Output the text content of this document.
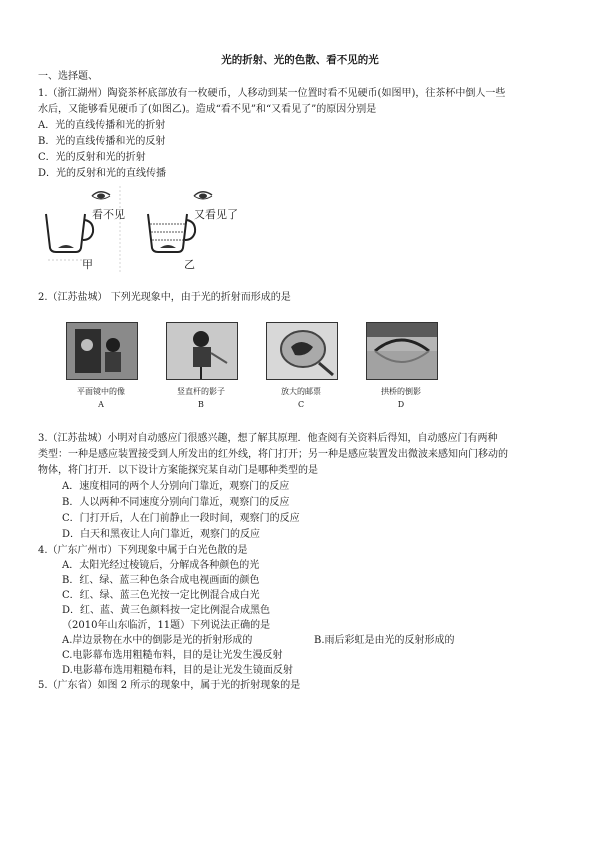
光的折射、光的色散、看不见的光
一、选择题、
1.（浙江湖州）陶瓷茶杯底部放有一枚硬币，人移动到某一位置时看不见硬币(如图甲)，往茶杯中倒人一些
水后，又能够看见硬币了(如图乙)。造成“看不见”和“又看见了”的原因分别是
A．光的直线传播和光的折射
B．光的直线传播和光的反射
C．光的反射和光的折射
D．光的反射和光的直线传播
看不见	又看见了
甲	乙
2.（江苏盐城） 下列光现象中，由于光的折射而形成的是
平面镜中的像	竖直杆的影子	放大的邮票	拱桥的倒影
A	B	C	D
3.（江苏盐城）小明对自动感应门很感兴趣，想了解其原理．他查阅有关资料后得知，自动感应门有两种
类型：一种是感应装置接受到人所发出的红外线，将门打开；另一种是感应装置发出微波来感知向门移动的
物体，将门打开．以下设计方案能探究某自动门是哪种类型的是
A．速度相同的两个人分别向门靠近，观察门的反应
B．人以两种不同速度分别向门靠近，观察门的反应
C．门打开后，人在门前静止一段时间，观察门的反应
D．白天和黑夜让人向门靠近，观察门的反应
4.（广东广州市）下列现象中属于白光色散的是
A．太阳光经过棱镜后，分解成各种颜色的光
B．红、绿、蓝三种色条合成电视画面的颜色
C．红、绿、蓝三色光按一定比例混合成白光
D．红、蓝、黄三色颜料按一定比例混合成黑色
（2010年山东临沂，11题）下列说法正确的是
A.岸边景物在水中的倒影是光的折射形成的	B.雨后彩虹是由光的反射形成的
C.电影幕布选用粗糙布料，目的是让光发生漫反射
D.电影幕布选用粗糙布料，目的是让光发生镜面反射
5.（广东省）如图 2 所示的现象中，属于光的折射现象的是
